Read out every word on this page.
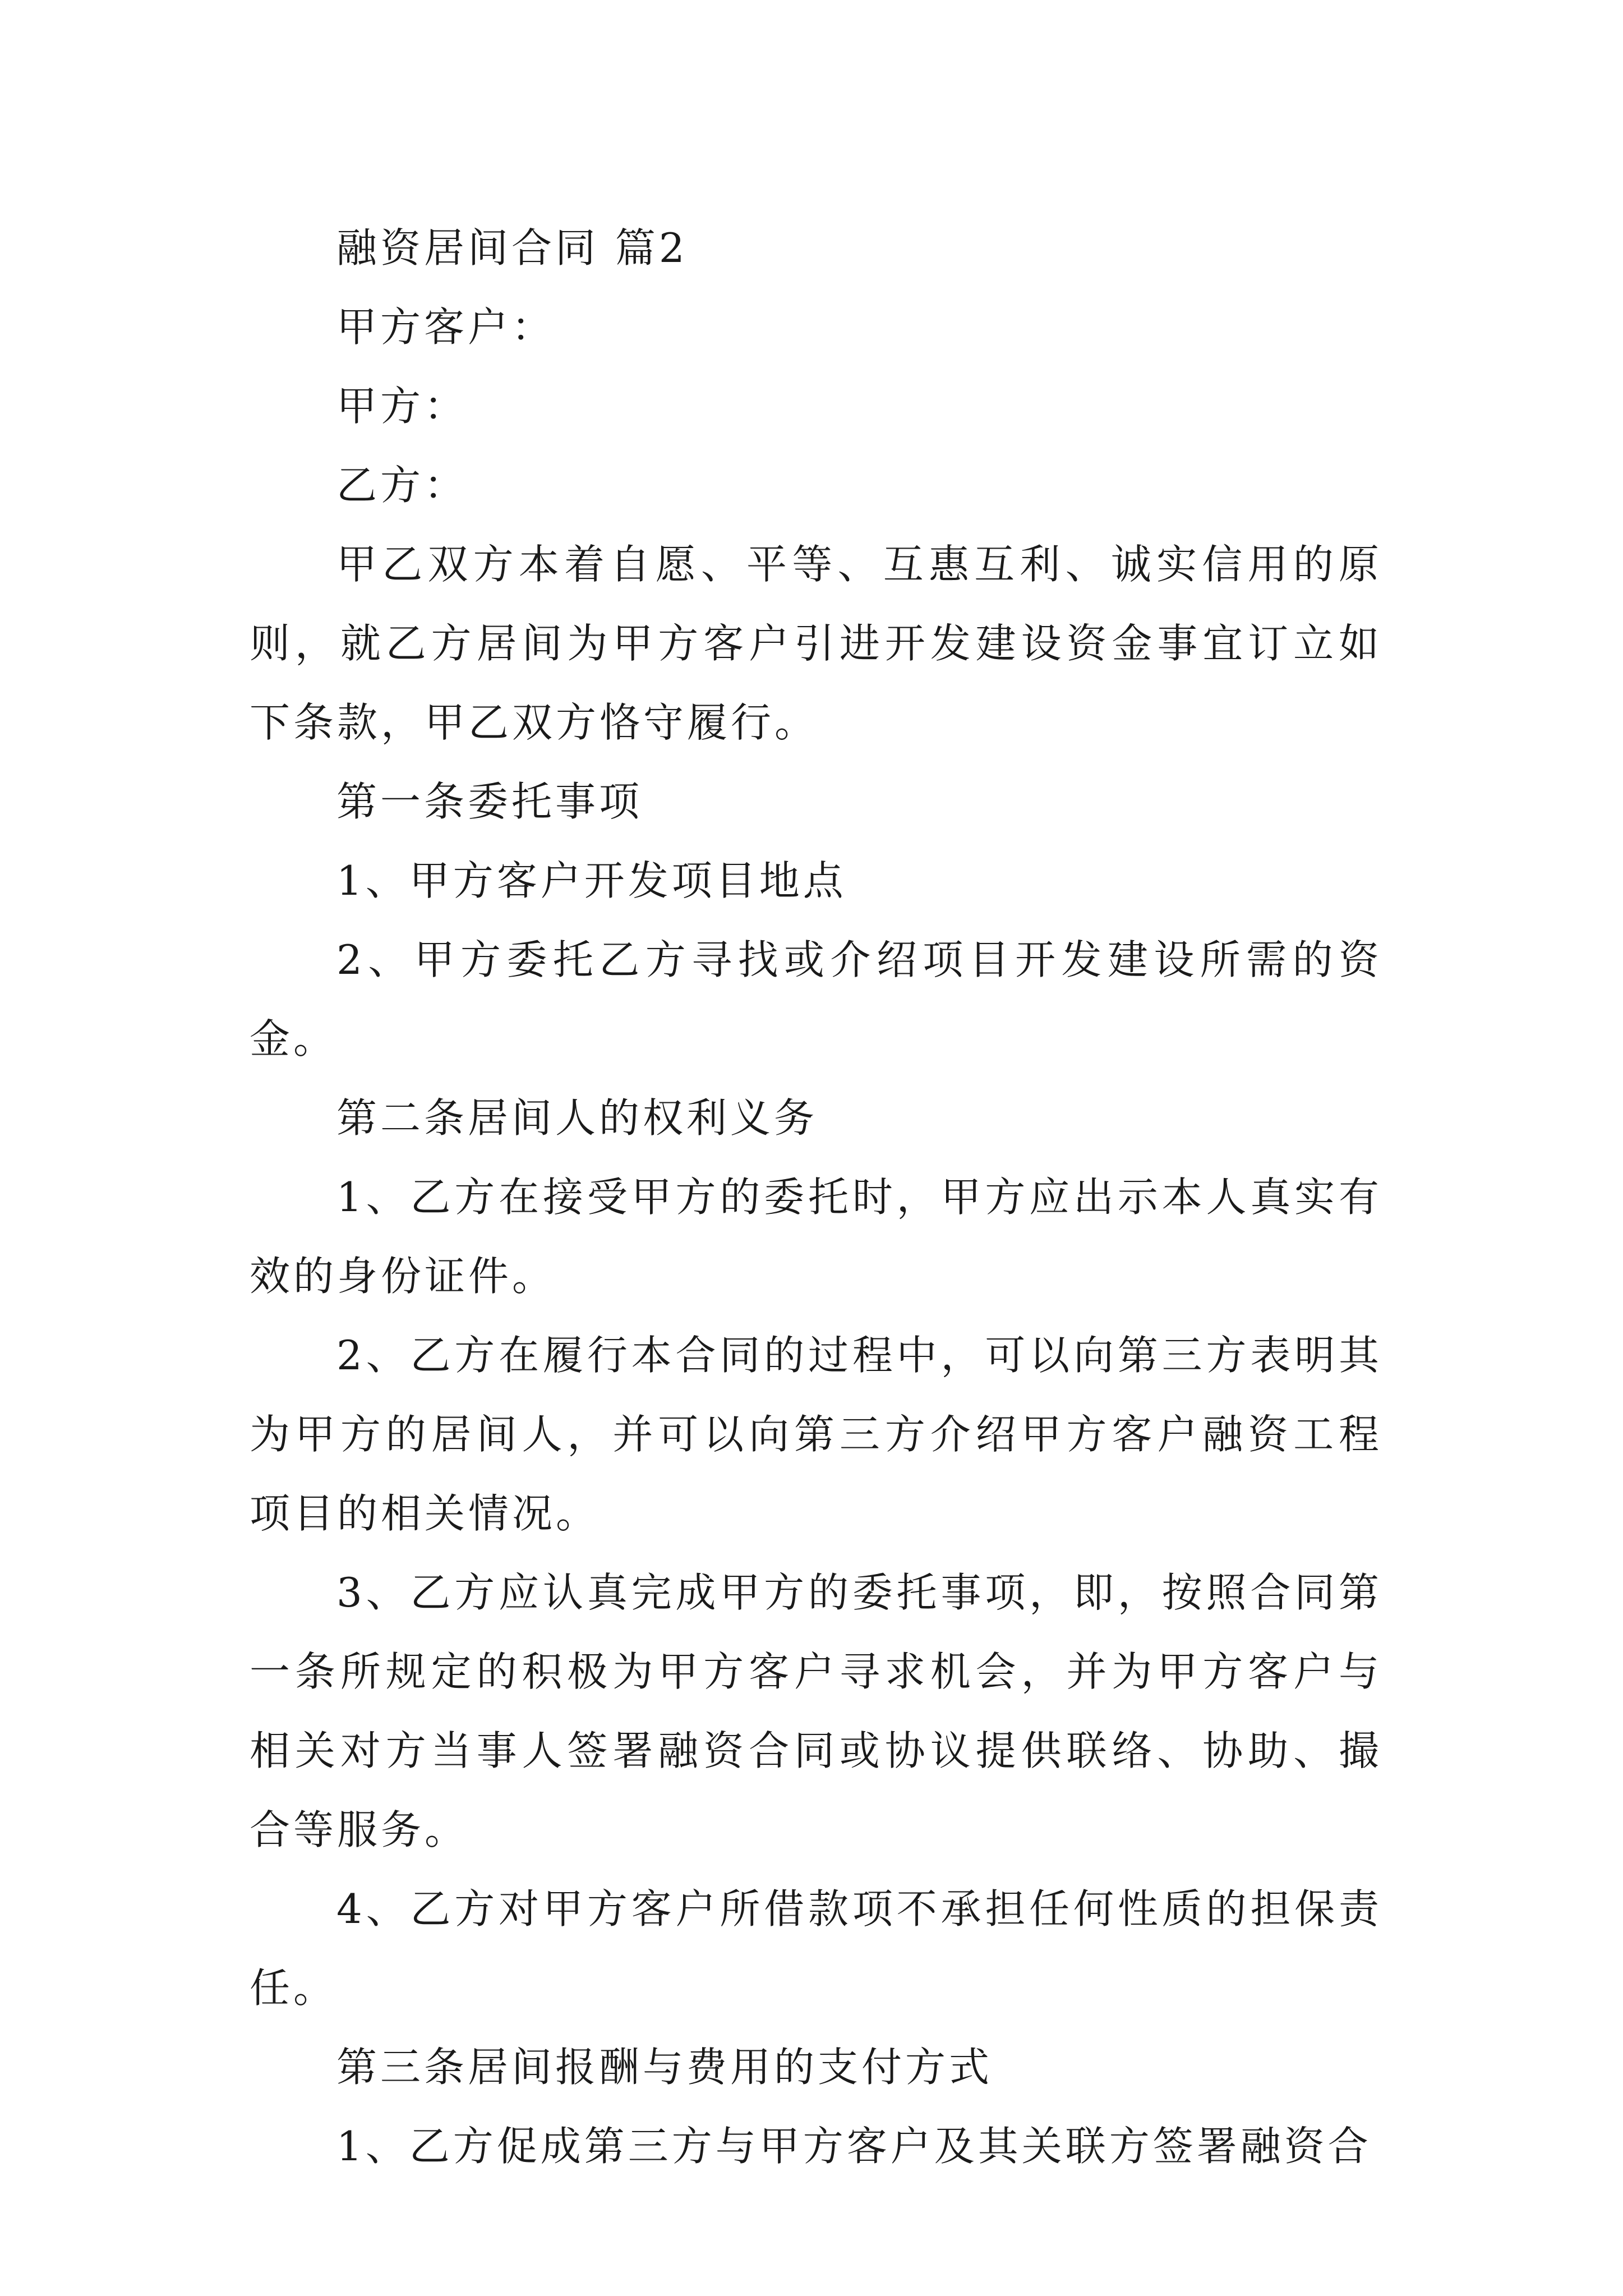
融资居间合同 篇2

甲方客户：

甲方：

乙方：

甲乙双方本着自愿、平等、互惠互利、诚实信用的原则，就乙方居间为甲方客户引进开发建设资金事宜订立如下条款，甲乙双方恪守履行。

第一条委托事项

1、甲方客户开发项目地点

2、甲方委托乙方寻找或介绍项目开发建设所需的资金。

第二条居间人的权利义务

1、乙方在接受甲方的委托时，甲方应出示本人真实有效的身份证件。

2、乙方在履行本合同的过程中，可以向第三方表明其为甲方的居间人，并可以向第三方介绍甲方客户融资工程项目的相关情况。

3、乙方应认真完成甲方的委托事项，即，按照合同第一条所规定的积极为甲方客户寻求机会，并为甲方客户与相关对方当事人签署融资合同或协议提供联络、协助、撮合等服务。

4、乙方对甲方客户所借款项不承担任何性质的担保责任。

第三条居间报酬与费用的支付方式

1、乙方促成第三方与甲方客户及其关联方签署融资合
